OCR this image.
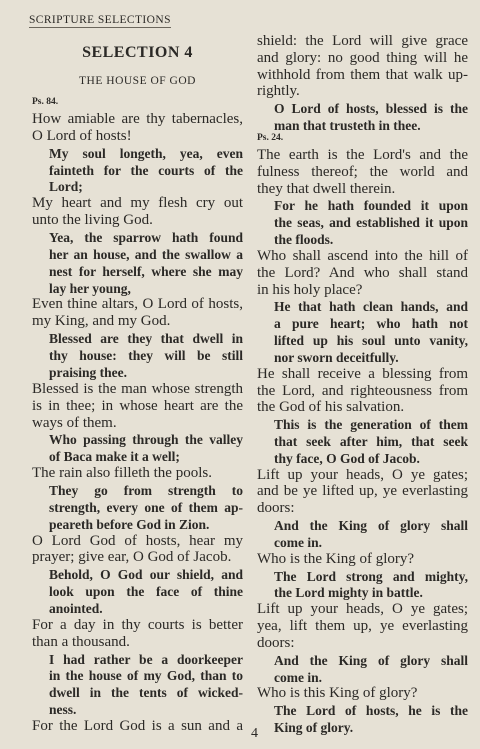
SCRIPTURE SELECTIONS
SELECTION 4
THE HOUSE OF GOD
Ps. 84.
How amiable are thy tabernacles,
O Lord of hosts!
My soul longeth, yea, even
fainteth for the courts of the
Lord;
My heart and my flesh cry out
unto the living God.
Yea, the sparrow hath found
her an house, and the swallow a
nest for herself, where she may
lay her young,
Even thine altars, O Lord of hosts,
my King, and my God.
Blessed are they that dwell in
thy house: they will be still
praising thee.
Blessed is the man whose strength
is in thee; in whose heart are the
ways of them.
Who passing through the valley
of Baca make it a well;
The rain also filleth the pools.
They go from strength to
strength, every one of them ap-
peareth before God in Zion.
O Lord God of hosts, hear my
prayer; give ear, O God of Jacob.
Behold, O God our shield, and
look upon the face of thine
anointed.
For a day in thy courts is better
than a thousand.
I had rather be a doorkeeper
in the house of my God, than to
dwell in the tents of wicked-
ness.
For the Lord God is a sun and a
shield: the Lord will give grace
and glory: no good thing will he
withhold from them that walk up-
rightly.
O Lord of hosts, blessed is the
man that trusteth in thee.
Ps. 24.
The earth is the Lord's and the
fulness thereof; the world and
they that dwell therein.
For he hath founded it upon
the seas, and established it upon
the floods.
Who shall ascend into the hill of
the Lord? And who shall stand
in his holy place?
He that hath clean hands, and
a pure heart; who hath not
lifted up his soul unto vanity,
nor sworn deceitfully.
He shall receive a blessing from
the Lord, and righteousness from
the God of his salvation.
This is the generation of them
that seek after him, that seek
thy face, O God of Jacob.
Lift up your heads, O ye gates;
and be ye lifted up, ye everlasting
doors:
And the King of glory shall
come in.
Who is the King of glory?
The Lord strong and mighty,
the Lord mighty in battle.
Lift up your heads, O ye gates;
yea, lift them up, ye everlasting
doors:
And the King of glory shall
come in.
Who is this King of glory?
The Lord of hosts, he is the
King of glory.
4
